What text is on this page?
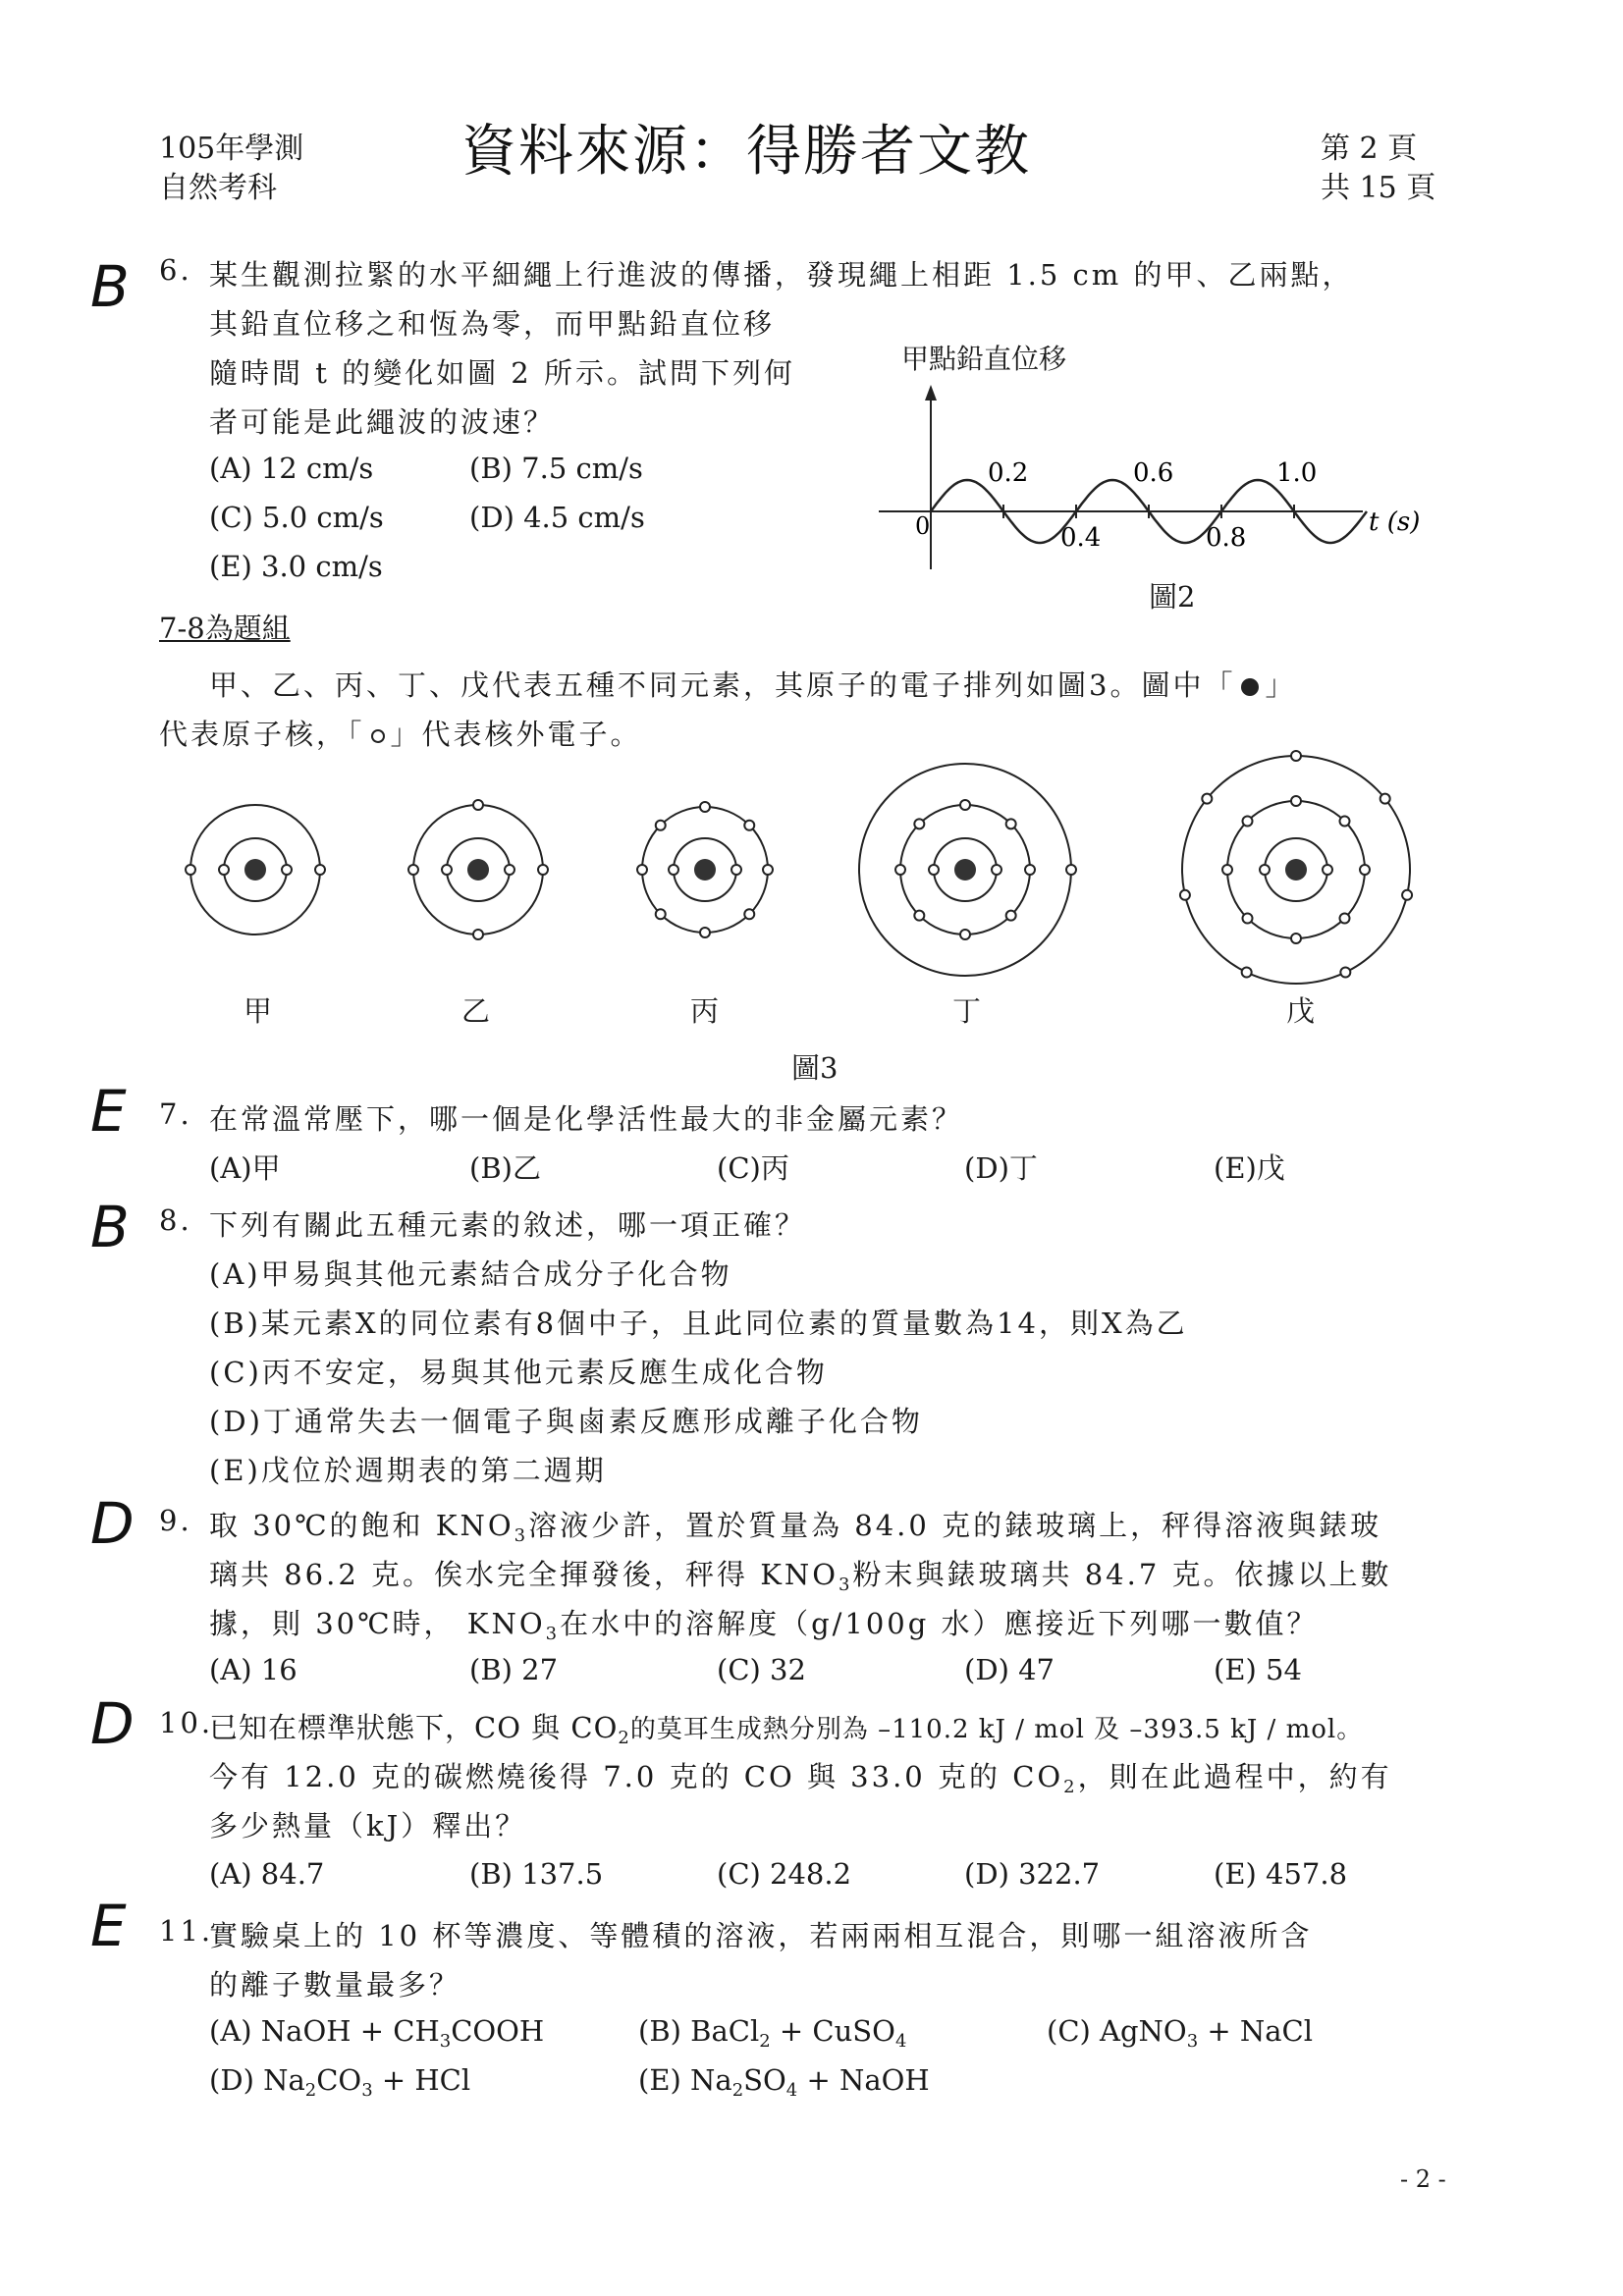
105年學測
自然考科
資料來源：得勝者文教	第 2 頁
共 15 頁
B
E
B
D
D
E
6. 某生觀測拉緊的水平細繩上行進波的傳播，發現繩上相距 1.5 cm 的甲、乙兩點，
其鉛直位移之和恆為零，而甲點鉛直位移
隨時間 t 的變化如圖 2 所示。試問下列何
者可能是此繩波的波速？
(A) 12 cm/s	(B) 7.5 cm/s
(C) 5.0 cm/s	(D) 4.5 cm/s
(E) 3.0 cm/s
甲點鉛直位移
0
0.2	0.6	1.0
0.4	0.8
t (s)
圖2
7-8為題組
甲、乙、丙、丁、戊代表五種不同元素，其原子的電子排列如圖3。圖中「 」
代表原子核，「 」代表核外電子。
甲	乙	丙	丁	戊
圖3
7. 在常溫常壓下，哪一個是化學活性最大的非金屬元素？
(A)甲	(B)乙	(C)丙	(D)丁	(E)戊
8. 下列有關此五種元素的敘述，哪一項正確？
(A)甲易與其他元素結合成分子化合物
(B)某元素X的同位素有8個中子，且此同位素的質量數為14，則X為乙
(C)丙不安定，易與其他元素反應生成化合物
(D)丁通常失去一個電子與鹵素反應形成離子化合物
(E)戊位於週期表的第二週期
9. 取 30℃的飽和 $KNO_3$溶液少許，置於質量為 84.0 克的錶玻璃上，秤得溶液與錶玻
璃共 86.2 克。俟水完全揮發後，秤得 $KNO_3$粉末與錶玻璃共 84.7 克。依據以上數
據，則 30℃時， $KNO_3$在水中的溶解度（g/100g 水）應接近下列哪一數值？
(A) 16	(B) 27	(C) 32	(D) 47	(E) 54
10.
已知在標準狀態下，CO 與 $CO_2$的莫耳生成熱分別為 –110.2 kJ / mol 及 –393.5 kJ / mol。
今有 12.0 克的碳燃燒後得 7.0 克的 CO 與 33.0 克的 $CO_2$，則在此過程中，約有
多少熱量（kJ）釋出？
(A) 84.7	(B) 137.5	(C) 248.2	(D) 322.7	(E) 457.8
11.
實驗桌上的 10 杯等濃度、等體積的溶液，若兩兩相互混合，則哪一組溶液所含
的離子數量最多？
(A) NaOH + $CH_3COOH$	(B) BaCl$_2$ + CuSO$_4$	(C) AgNO$_3$ + NaCl
(D) $Na_2CO_3$ + HCl	(E) $Na_2SO_4$ + NaOH
- 2 -
